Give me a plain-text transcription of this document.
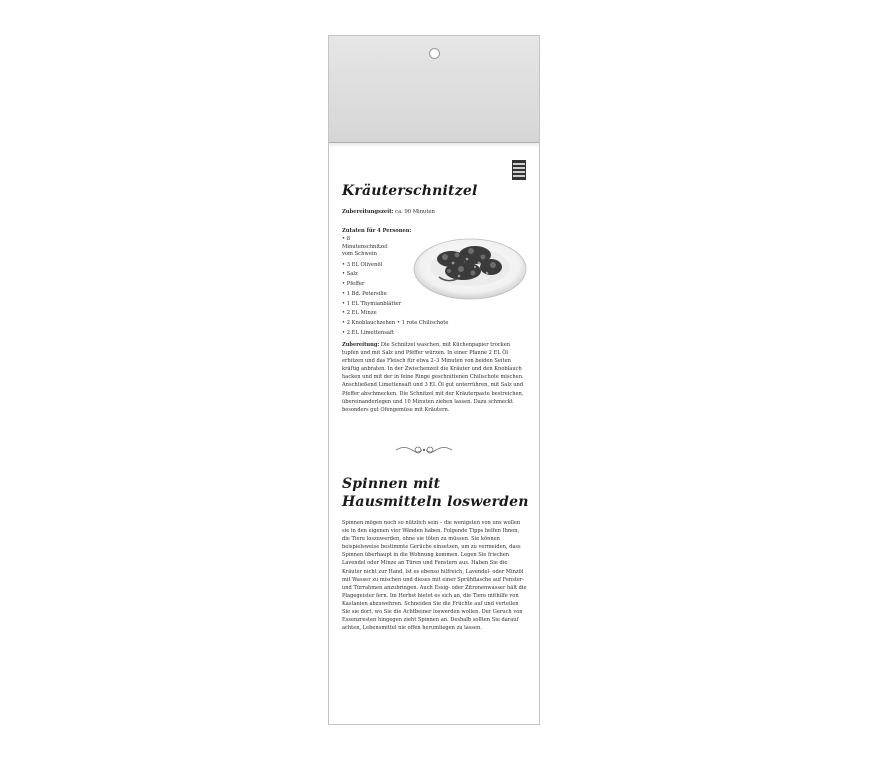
Kräuterschnitzel
Zubereitungszeit: ca. 90 Minuten
Zutaten für 4 Personen:
• 8 Minutenschnitzel vom Schwein
• 3 EL Olivenöl
• Salz
• Pfeffer
• 1 Bd. Petersilie
• 1 EL Thymianblätter
• 2 EL Minze
• 2 Knoblauchzehen • 1 rote Chilischote
• 2 EL Limettensaft

Zubereitung: Die Schnitzel waschen, mit Küchenpapier trocken tupfen und mit Salz und Pfeffer würzen. In einer Pfanne 2 EL Öl erhitzen und das Fleisch für etwa 2–3 Minuten von beiden Seiten kräftig anbraten. In der Zwischenzeit die Kräuter und den Knoblauch hacken und mit der in feine Ringe geschnittenen Chilischote mischen. Anschließend Limettensaft und 3 EL Öl gut unterrühren, mit Salz und Pfeffer abschmecken. Die Schnitzel mit der Kräuterpaste bestreichen, übereinanderlegen und 10 Minuten ziehen lassen. Dazu schmeckt besonders gut Ofengemüse mit Kräutern.

Spinnen mit Hausmitteln loswerden

Spinnen mögen noch so nützlich sein – die wenigsten von uns wollen sie in den eigenen vier Wänden haben. Folgende Tipps helfen Ihnen, die Tiere loszuwerden, ohne sie töten zu müssen. Sie können beispielsweise bestimmte Gerüche einsetzen, um zu vermeiden, dass Spinnen überhaupt in die Wohnung kommen. Legen Sie frischen Lavendel oder Minze an Türen und Fenstern aus. Haben Sie die Kräuter nicht zur Hand, ist es ebenso hilfreich, Lavendel- oder Minzöl mit Wasser zu mischen und dieses mit einer Sprühflasche auf Fenster- und Türrahmen anzubringen. Auch Essig- oder Zitronenwasser hält die Plagegeister fern. Im Herbst bietet es sich an, die Tiere mithilfe von Kastanien abzuwehren. Schneiden Sie die Früchte auf und verteilen Sie sie dort, wo Sie die Achtbeiner loswerden wollen. Der Geruch von Essenzresten hingegen zieht Spinnen an. Deshalb sollten Sie darauf achten, Lebensmittel nie offen herumliegen zu lassen.
